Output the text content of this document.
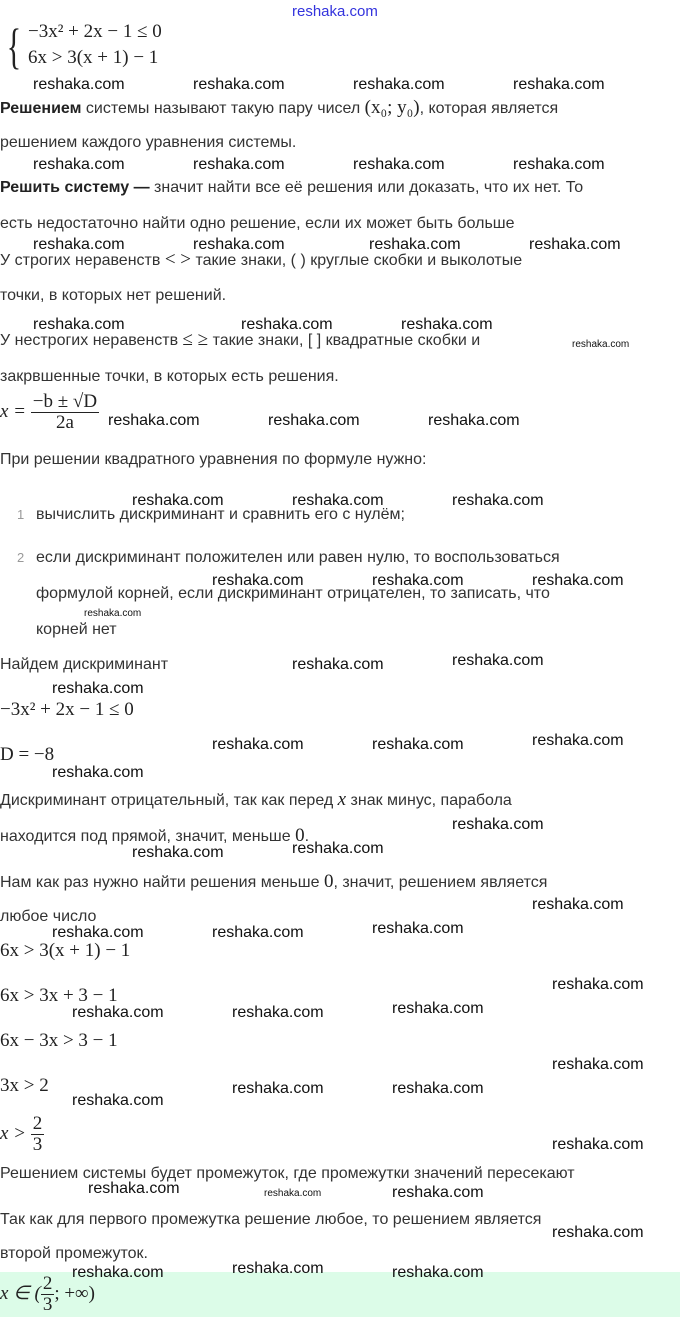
reshaka.com
{ −3x² + 2x − 1 ≤ 0
6x > 3(x + 1) − 1
Решением системы называют такую пару чисел (x₀; y₀), которая является
решением каждого уравнения системы.
Решить систему — значит найти все её решения или доказать, что их нет. То
есть недостаточно найти одно решение, если их может быть больше
У строгих неравенств < > такие знаки, ( ) круглые скобки и выколотые
точки, в которых нет решений.
У нестрогих неравенств ≤ ≥ такие знаки, [ ] квадратные скобки и
закрвшенные точки, в которых есть решения.
$x = \frac{-b \pm √D}{2a}$
При решении квадратного уравнения по формуле нужно:
1 вычислить дискриминант и сравнить его с нулём;
2 если дискриминант положителен или равен нулю, то воспользоваться
формулой корней, если дискриминант отрицателен, то записать, что
корней нет
Найдем дискриминант
−3x² + 2x − 1 ≤ 0
D = −8
Дискриминант отрицательный, так как перед x знак минус, парабола
находится под прямой, значит, меньше 0.
Нам как раз нужно найти решения меньше 0, значит, решением является
любое число
6x > 3(x + 1) − 1
6x > 3x + 3 − 1
6x − 3x > 3 − 1
3x > 2
$x > \frac{2}{3}$
Решением системы будет промежуток, где промежутки значений пересекают
Так как для первого промежутка решение любое, то решением является
второй промежуток.
x ∈ ( $\frac{2}{3}$ ; +∞)
reshaka.com	reshaka.com	reshaka.com	reshaka.com
reshaka.com	reshaka.com	reshaka.com	reshaka.com
reshaka.com	reshaka.com	reshaka.com	reshaka.com
reshaka.com	reshaka.com	reshaka.com
reshaka.com	reshaka.com	reshaka.com
reshaka.com	reshaka.com	reshaka.com
reshaka.com	reshaka.com	reshaka.com
reshaka.com	reshaka.com
reshaka.com
reshaka.com	reshaka.com	reshaka.com
reshaka.com
reshaka.com
reshaka.com	reshaka.com
reshaka.com
reshaka.com	reshaka.com	reshaka.com
reshaka.com
reshaka.com	reshaka.com	reshaka.com
reshaka.com
reshaka.com
reshaka.com	reshaka.com
reshaka.com
reshaka.com	reshaka.com
reshaka.com
reshaka.com	reshaka.com	reshaka.com
reshaka.com
reshaka.com
reshaka.com
